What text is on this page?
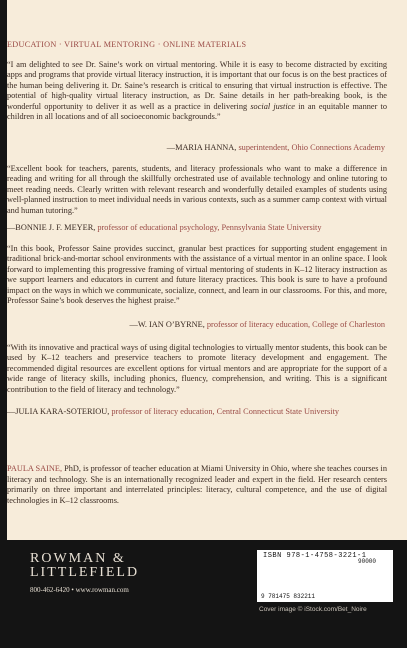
EDUCATION · VIRTUAL MENTORING · ONLINE MATERIALS

“I am delighted to see Dr. Saine’s work on virtual mentoring. While it is easy to become distracted by exciting apps and programs that provide virtual literacy instruction, it is important that our focus is on the best practices of the human being delivering it. Dr. Saine’s research is critical to ensuring that virtual instruction is effective. The potential of high-quality virtual literacy instruction, as Dr. Saine details in her path-breaking book, is the wonderful opportunity to deliver it as well as a practice in delivering social justice in an equitable manner to children in all locations and of all socioeconomic backgrounds.”

—MARIA HANNA, superintendent, Ohio Connections Academy

“Excellent book for teachers, parents, students, and literacy professionals who want to make a difference in reading and writing for all through the skillfully orchestrated use of available technology and online tutoring to meet reading needs. Clearly written with relevant research and wonderfully detailed examples of students using well-planned instruction to meet individual needs in various contexts, such as a summer camp context with virtual and human tutoring.”

—BONNIE J. F. MEYER, professor of educational psychology, Pennsylvania State University

“In this book, Professor Saine provides succinct, granular best practices for supporting student engagement in traditional brick-and-mortar school environments with the assistance of a virtual mentor in an online space. I look forward to implementing this progressive framing of virtual mentoring of students in K–12 literacy instruction as we support learners and educators in current and future literacy practices. This book is sure to have a profound impact on the ways in which we communicate, socialize, connect, and learn in our classrooms. For this, and more, Professor Saine’s book deserves the highest praise.”

—W. IAN O’BYRNE, professor of literacy education, College of Charleston

“With its innovative and practical ways of using digital technologies to virtually mentor students, this book can be used by K–12 teachers and preservice teachers to promote literacy development and engagement. The recommended digital resources are excellent options for virtual mentors and are appropriate for the support of a wide range of literacy skills, including phonics, fluency, comprehension, and writing. This is a significant contribution to the field of literacy and technology.”

—JULIA KARA-SOTERIOU, professor of literacy education, Central Connecticut State University

PAULA SAINE, PhD, is professor of teacher education at Miami University in Ohio, where she teaches courses in literacy and technology. She is an internationally recognized leader and expert in the field. Her research centers primarily on three important and interrelated principles: literacy, cultural competence, and the use of digital technologies in K–12 classrooms.

ROWMAN &
LITTLEFIELD
800-462-6420 • www.rowman.com
ISBN 978-1-4758-3221-1
9 781475 832211
90000
Cover image © iStock.com/Bet_Noire
